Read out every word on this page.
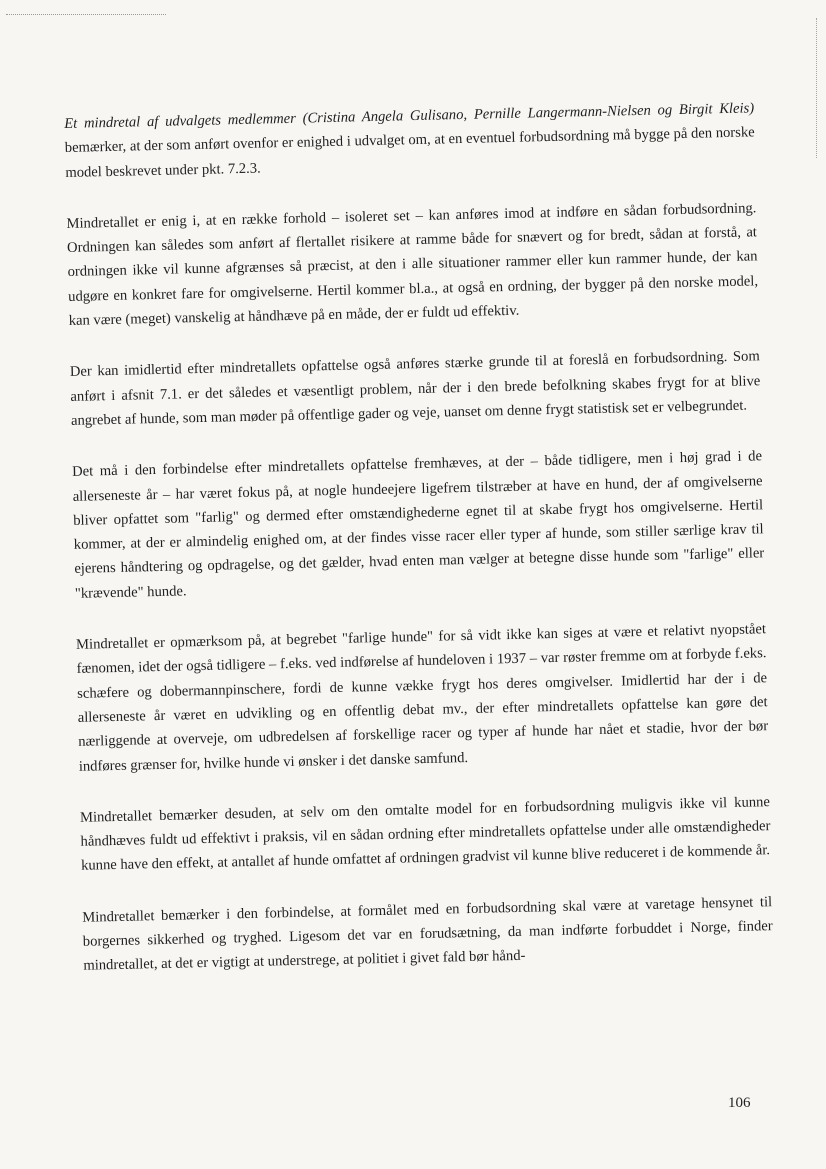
Et mindretal af udvalgets medlemmer (Cristina Angela Gulisano, Pernille Langermann-Nielsen og Birgit Kleis) bemærker, at der som anført ovenfor er enighed i udvalget om, at en eventuel forbudsordning må bygge på den norske model beskrevet under pkt. 7.2.3.

Mindretallet er enig i, at en række forhold – isoleret set – kan anføres imod at indføre en sådan forbudsordning. Ordningen kan således som anført af flertallet risikere at ramme både for snævert og for bredt, sådan at forstå, at ordningen ikke vil kunne afgrænses så præcist, at den i alle situationer rammer eller kun rammer hunde, der kan udgøre en konkret fare for omgivelserne. Hertil kommer bl.a., at også en ordning, der bygger på den norske model, kan være (meget) vanskelig at håndhæve på en måde, der er fuldt ud effektiv.

Der kan imidlertid efter mindretallets opfattelse også anføres stærke grunde til at foreslå en forbudsordning. Som anført i afsnit 7.1. er det således et væsentligt problem, når der i den brede befolkning skabes frygt for at blive angrebet af hunde, som man møder på offentlige gader og veje, uanset om denne frygt statistisk set er velbegrundet.

Det må i den forbindelse efter mindretallets opfattelse fremhæves, at der – både tidligere, men i høj grad i de allerseneste år – har været fokus på, at nogle hundeejere ligefrem tilstræber at have en hund, der af omgivelserne bliver opfattet som "farlig" og dermed efter omstændighederne egnet til at skabe frygt hos omgivelserne. Hertil kommer, at der er almindelig enighed om, at der findes visse racer eller typer af hunde, som stiller særlige krav til ejerens håndtering og opdragelse, og det gælder, hvad enten man vælger at betegne disse hunde som "farlige" eller "krævende" hunde.

Mindretallet er opmærksom på, at begrebet "farlige hunde" for så vidt ikke kan siges at være et relativt nyopstået fænomen, idet der også tidligere – f.eks. ved indførelse af hundeloven i 1937 – var røster fremme om at forbyde f.eks. schæfere og dobermannpinschere, fordi de kunne vække frygt hos deres omgivelser. Imidlertid har der i de allerseneste år været en udvikling og en offentlig debat mv., der efter mindretallets opfattelse kan gøre det nærliggende at overveje, om udbredelsen af forskellige racer og typer af hunde har nået et stadie, hvor der bør indføres grænser for, hvilke hunde vi ønsker i det danske samfund.

Mindretallet bemærker desuden, at selv om den omtalte model for en forbudsordning muligvis ikke vil kunne håndhæves fuldt ud effektivt i praksis, vil en sådan ordning efter mindretallets opfattelse under alle omstændigheder kunne have den effekt, at antallet af hunde omfattet af ordningen gradvist vil kunne blive reduceret i de kommende år.

Mindretallet bemærker i den forbindelse, at formålet med en forbudsordning skal være at varetage hensynet til borgernes sikkerhed og tryghed. Ligesom det var en forudsætning, da man indførte forbuddet i Norge, finder mindretallet, at det er vigtigt at understrege, at politiet i givet fald bør hånd-

106
